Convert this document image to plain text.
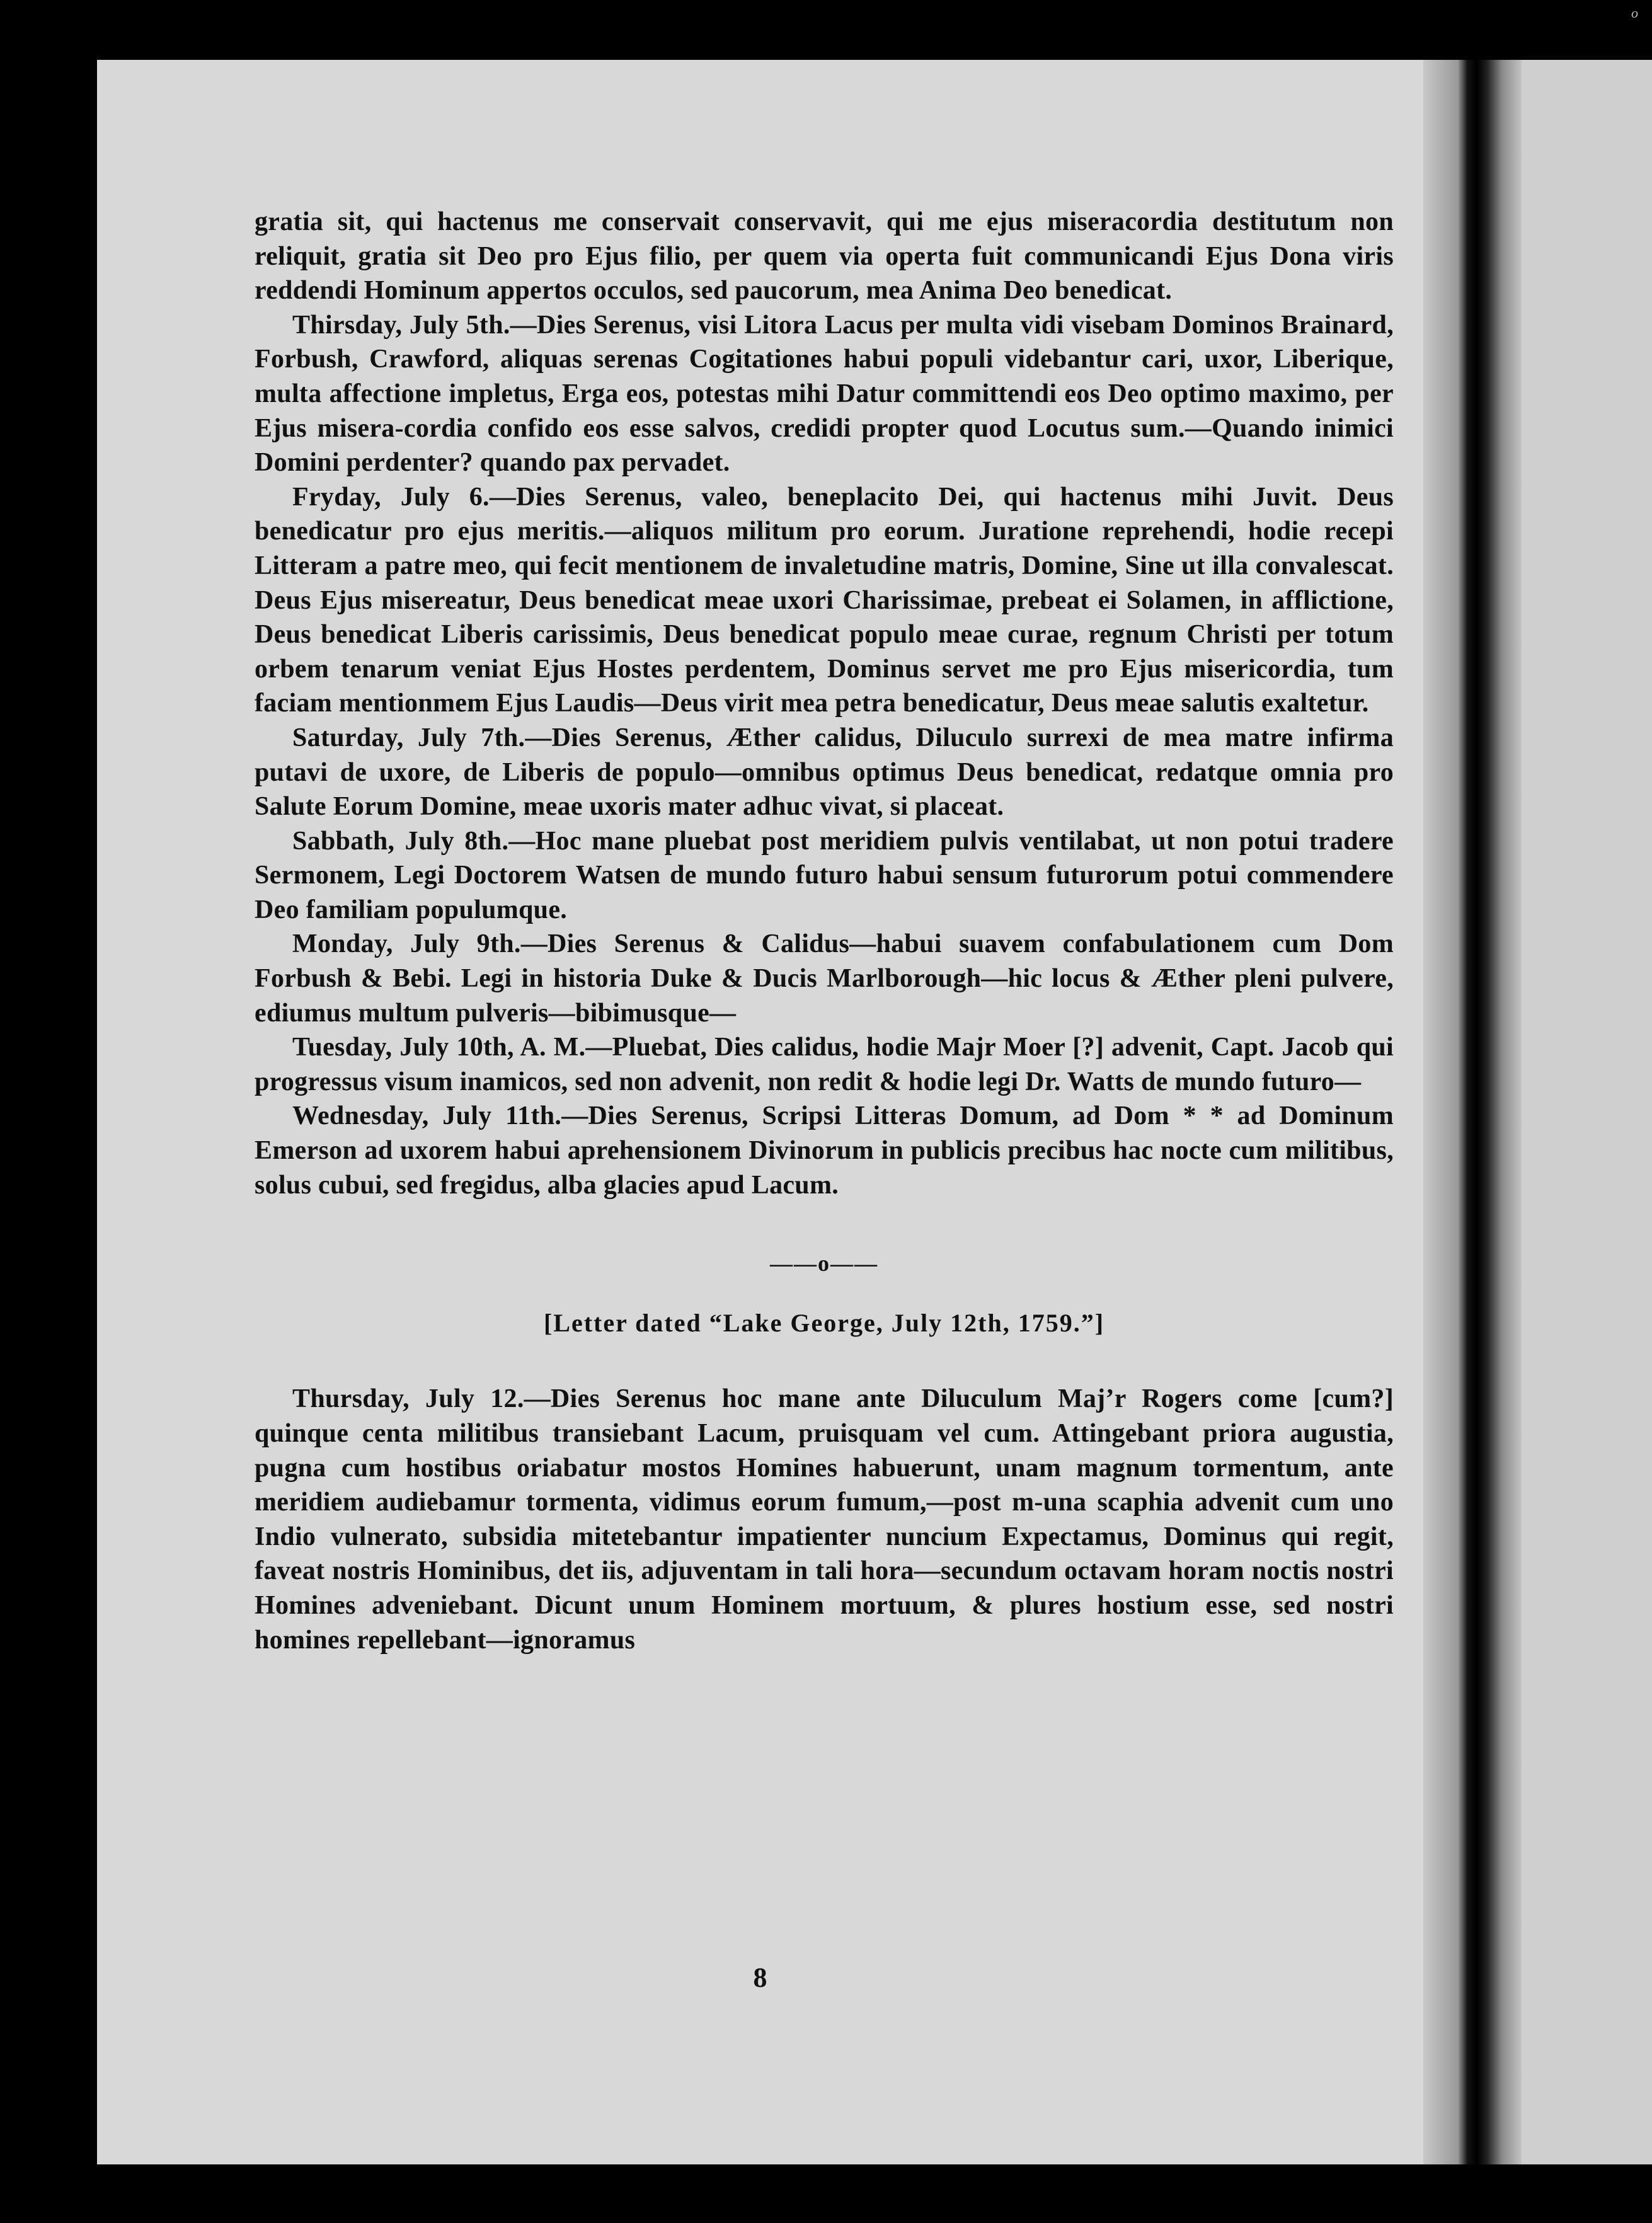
gratia sit, qui hactenus me conservait conservavit, qui me ejus miseracordia destitutum non reliquit, gratia sit Deo pro Ejus filio, per quem via operta fuit communicandi Ejus Dona viris reddendi Hominum appertos occulos, sed paucorum, mea Anima Deo benedicat.

Thirsday, July 5th.—Dies Serenus, visi Litora Lacus per multa vidi visebam Dominos Brainard, Forbush, Crawford, aliquas serenas Cogitationes habui populi videbantur cari, uxor, Liberique, multa affectione impletus, Erga eos, potestas mihi Datur committendi eos Deo optimo maximo, per Ejus misera-cordia confido eos esse salvos, credidi propter quod Locutus sum.—Quando inimici Domini perdenter? quando pax pervadet.

Fryday, July 6.—Dies Serenus, valeo, beneplacito Dei, qui hactenus mihi Juvit. Deus benedicatur pro ejus meritis.—aliquos militum pro eorum. Juratione reprehendi, hodie recepi Litteram a patre meo, qui fecit mentionem de invaletudine matris, Domine, Sine ut illa convalescat. Deus Ejus misereatur, Deus benedicat meae uxori Charissimae, prebeat ei Solamen, in afflictione, Deus benedicat Liberis carissimis, Deus benedicat populo meae curae, regnum Christi per totum orbem tenarum veniat Ejus Hostes perdentem, Dominus servet me pro Ejus misericordia, tum faciam mentionmem Ejus Laudis—Deus virit mea petra benedicatur, Deus meae salutis exaltetur.

Saturday, July 7th.—Dies Serenus, Æther calidus, Diluculo surrexi de mea matre infirma putavi de uxore, de Liberis de populo—omnibus optimus Deus benedicat, redatque omnia pro Salute Eorum Domine, meae uxoris mater adhuc vivat, si placeat.

Sabbath, July 8th.—Hoc mane pluebat post meridiem pulvis ventilabat, ut non potui tradere Sermonem, Legi Doctorem Watsen de mundo futuro habui sensum futurorum potui commendere Deo familiam populumque.

Monday, July 9th.—Dies Serenus & Calidus—habui suavem confabulationem cum Dom Forbush & Bebi. Legi in historia Duke & Ducis Marlborough—hic locus & Æther pleni pulvere, ediumus multum pulveris—bibimusque—

Tuesday, July 10th, A. M.—Pluebat, Dies calidus, hodie Majr Moer [?] advenit, Capt. Jacob qui progressus visum inamicos, sed non advenit, non redit & hodie legi Dr. Watts de mundo futuro—

Wednesday, July 11th.—Dies Serenus, Scripsi Litteras Domum, ad Dom * * ad Dominum Emerson ad uxorem habui aprehensionem Divinorum in publicis precibus hac nocte cum militibus, solus cubui, sed fregidus, alba glacies apud Lacum.

——o——
[Letter dated “Lake George, July 12th, 1759.”]

Thursday, July 12.—Dies Serenus hoc mane ante Diluculum Maj’r Rogers come [cum?] quinque centa militibus transiebant Lacum, pruisquam vel cum. Attingebant priora augustia, pugna cum hostibus oriabatur mostos Homines habuerunt, unam magnum tormentum, ante meridiem audiebamur tormenta, vidimus eorum fumum,—post m-una scaphia advenit cum uno Indio vulnerato, subsidia mitetebantur impatienter nuncium Expectamus, Dominus qui regit, faveat nostris Hominibus, det iis, adjuventam in tali hora—secundum octavam horam noctis nostri Homines adveniebant. Dicunt unum Hominem mortuum, & plures hostium esse, sed nostri homines repellebant—ignoramus

8
o
